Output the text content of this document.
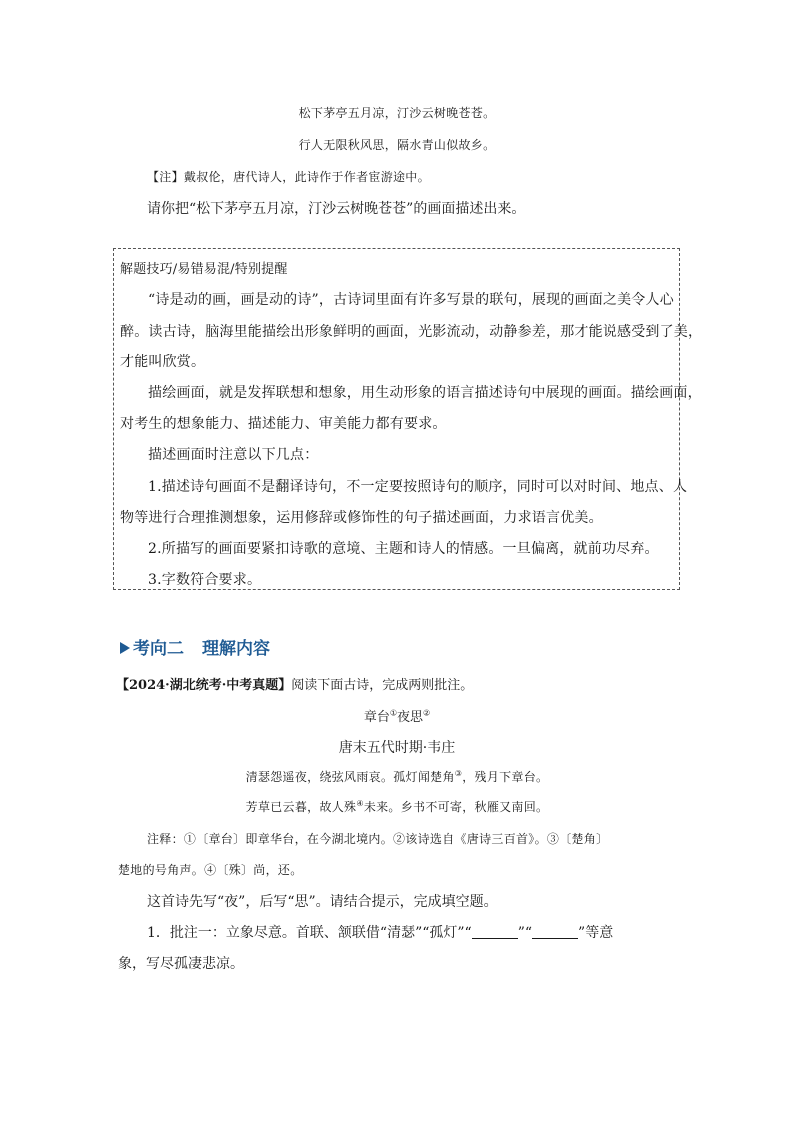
松下茅亭五月凉，汀沙云树晚苍苍。
行人无限秋风思，隔水青山似故乡。
【注】戴叔伦，唐代诗人，此诗作于作者宦游途中。
请你把“松下茅亭五月凉，汀沙云树晚苍苍”的画面描述出来。
解题技巧/易错易混/特别提醒
“诗是动的画，画是动的诗”，古诗词里面有许多写景的联句，展现的画面之美令人心
醉。读古诗，脑海里能描绘出形象鲜明的画面，光影流动，动静参差，那才能说感受到了美，
才能叫欣赏。
描绘画面，就是发挥联想和想象，用生动形象的语言描述诗句中展现的画面。描绘画面，
对考生的想象能力、描述能力、审美能力都有要求。
描述画面时注意以下几点：
1.描述诗句画面不是翻译诗句，不一定要按照诗句的顺序，同时可以对时间、地点、人
物等进行合理推测想象，运用修辞或修饰性的句子描述画面，力求语言优美。
2.所描写的画面要紧扣诗歌的意境、主题和诗人的情感。一旦偏离，就前功尽弃。
3.字数符合要求。
考向二 理解内容
【2024·湖北统考·中考真题】阅读下面古诗，完成两则批注。
章台①夜思②
唐末五代时期·韦庄
清瑟怨遥夜，绕弦风雨哀。孤灯闻楚角③，残月下章台。
芳草已云暮，故人殊④未来。乡书不可寄，秋雁又南回。
注释：①〔章台〕即章华台，在今湖北境内。②该诗选自《唐诗三百首》。③〔楚角〕
楚地的号角声。④〔殊〕尚，还。
这首诗先写“夜”，后写“思”。请结合提示，完成填空题。
1．批注一：立象尽意。首联、颔联借“清瑟”“孤灯”“	”“	”等意
象，写尽孤凄悲凉。
